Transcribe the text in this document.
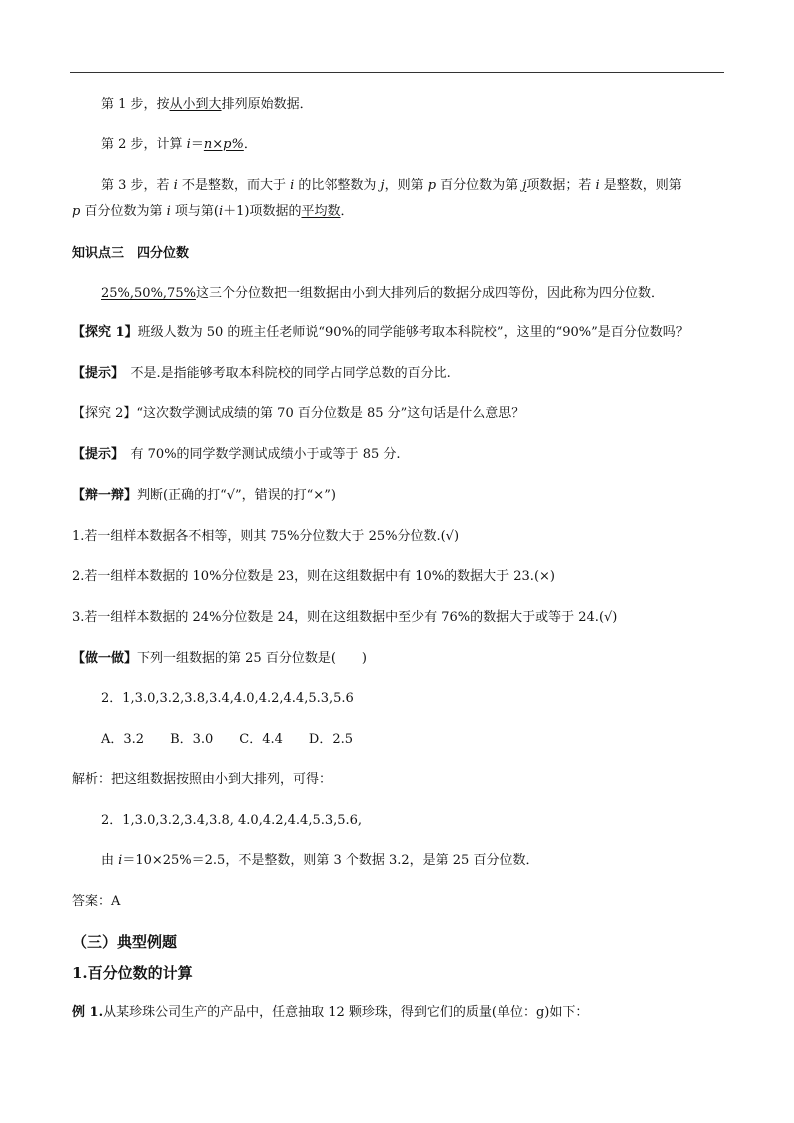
第 1 步，按从小到大排列原始数据．
第 2 步，计算 i＝n×p%．
第 3 步，若 i 不是整数，而大于 i 的比邻整数为 j，则第 p 百分位数为第 j项数据；若 i 是整数，则第
p 百分位数为第 i 项与第(i＋1)项数据的平均数．
知识点三　四分位数
25%,50%,75%这三个分位数把一组数据由小到大排列后的数据分成四等份，因此称为四分位数．
【探究 1】班级人数为 50 的班主任老师说“90%的同学能够考取本科院校”，这里的“90%”是百分位数吗？
【提示】　 不是.是指能够考取本科院校的同学占同学总数的百分比.
【探究 2】“这次数学测试成绩的第 70 百分位数是 85 分”这句话是什么意思？
【提示】　 有 70%的同学数学测试成绩小于或等于 85 分.
【辩一辩】判断(正确的打“√”，错误的打“×”)
1.若一组样本数据各不相等，则其 75%分位数大于 25%分位数.(√)
2.若一组样本数据的 10%分位数是 23，则在这组数据中有 10%的数据大于 23.(×)
3.若一组样本数据的 24%分位数是 24，则在这组数据中至少有 76%的数据大于或等于 24.(√)
【做一做】下列一组数据的第 25 百分位数是(　　)
2．1,3.0,3.2,3.8,3.4,4.0,4.2,4.4,5.3,5.6
A．3.2　　B．3.0　　C．4.4　　D．2.5
解析：把这组数据按照由小到大排列，可得：
2．1,3.0,3.2,3.4,3.8, 4.0,4.2,4.4,5.3,5.6,
由 i＝10×25%＝2.5，不是整数，则第 3 个数据 3.2，是第 25 百分位数．
答案：A
（三）典型例题
1.百分位数的计算
例 1.从某珍珠公司生产的产品中，任意抽取 12 颗珍珠，得到它们的质量(单位：g)如下：
